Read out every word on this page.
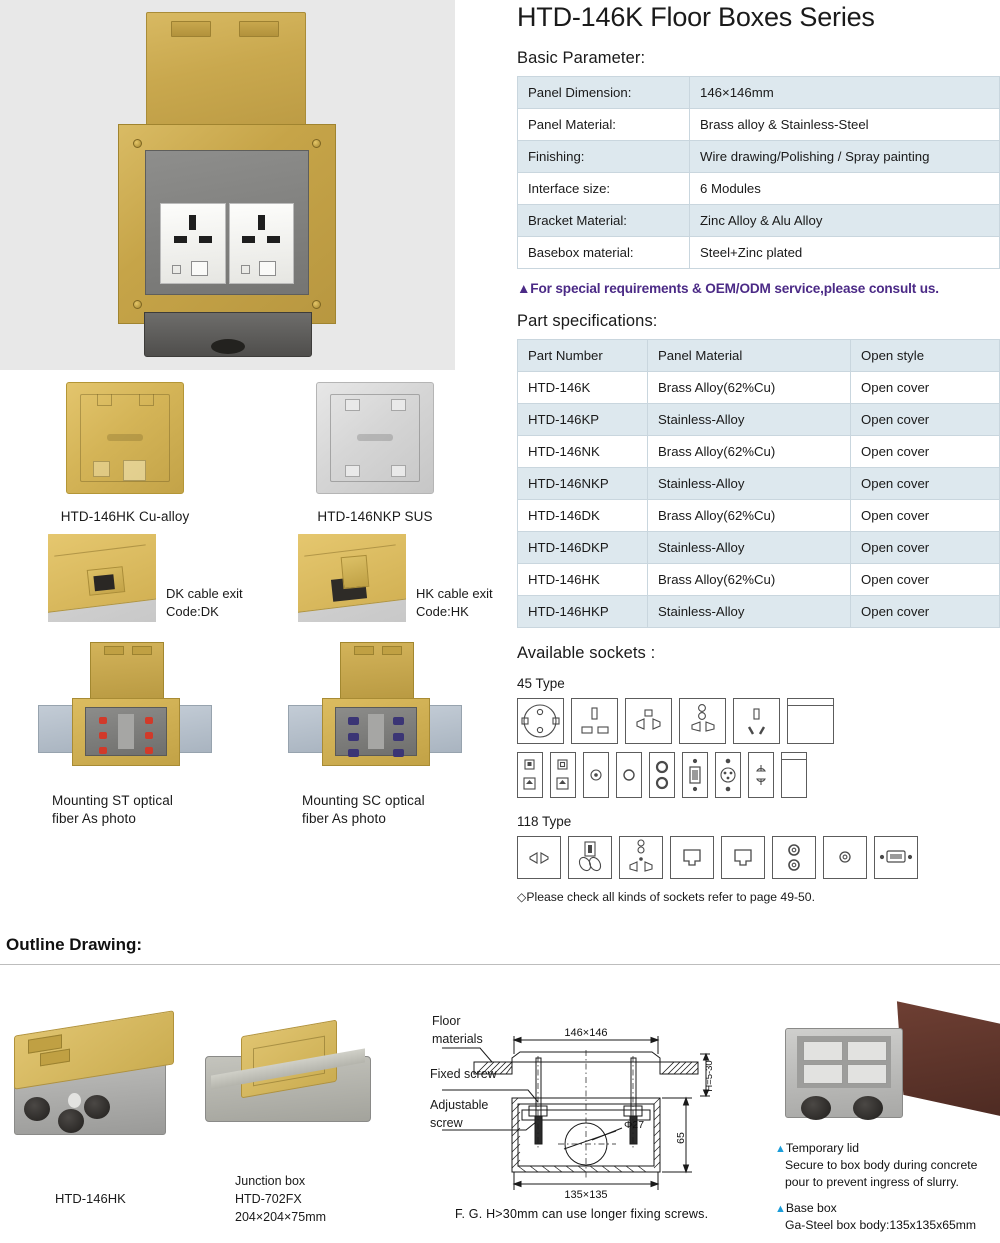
HTD-146HK Cu-alloy	HTD-146NKP SUS
DK cable exit
Code:DK
HK cable exit
Code:HK
Mounting ST optical
fiber As photo
Mounting SC optical
fiber As photo
HTD-146K Floor Boxes Series
Basic Parameter:
Panel Dimension:	146×146mm
Panel Material:	Brass alloy & Stainless-Steel
Finishing:	Wire drawing/Polishing / Spray painting
Interface size:	6 Modules
Bracket Material:	Zinc Alloy & Alu Alloy
Basebox material:	Steel+Zinc plated
▲For special requirements & OEM/ODM service,please consult us.
Part specifications:
Part Number	Panel Material	Open style
HTD-146K	Brass Alloy(62%Cu)	Open cover
HTD-146KP	Stainless-Alloy	Open cover
HTD-146NK	Brass Alloy(62%Cu)	Open cover
HTD-146NKP	Stainless-Alloy	Open cover
HTD-146DK	Brass Alloy(62%Cu)	Open cover
HTD-146DKP	Stainless-Alloy	Open cover
HTD-146HK	Brass Alloy(62%Cu)	Open cover
HTD-146HKP	Stainless-Alloy	Open cover
Available sockets :
45 Type
118 Type
◇Please check all kinds of sockets refer to page 49-50.
Outline Drawing:
146×146
135×135
Φ27
65
H=5-30
Floor
materials
Fixed screw
Adjustable
screw
HTD-146HK
Junction box
HTD-702FX
204×204×75mm	F. G. H>30mm can use longer fixing screws.
▲Temporary lid
Secure to box body during concrete
pour to prevent ingress of slurry.
▲Base box
Ga-Steel box body:135x135x65mm
